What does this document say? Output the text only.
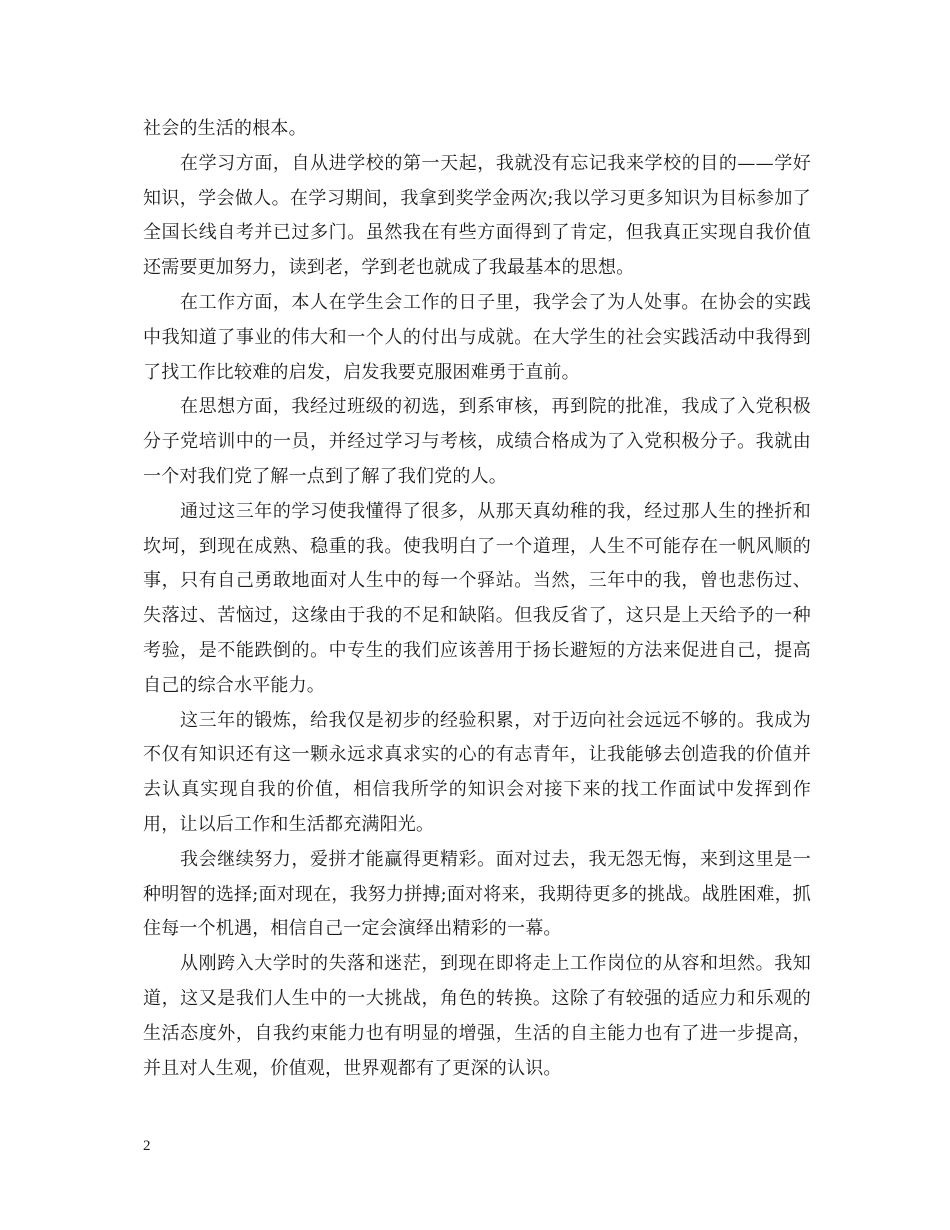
社会的生活的根本。

在学习方面，自从进学校的第一天起，我就没有忘记我来学校的目的——学好知识，学会做人。在学习期间，我拿到奖学金两次;我以学习更多知识为目标参加了全国长线自考并已过多门。虽然我在有些方面得到了肯定，但我真正实现自我价值还需要更加努力，读到老，学到老也就成了我最基本的思想。

在工作方面，本人在学生会工作的日子里，我学会了为人处事。在协会的实践中我知道了事业的伟大和一个人的付出与成就。在大学生的社会实践活动中我得到了找工作比较难的启发，启发我要克服困难勇于直前。

在思想方面，我经过班级的初选，到系审核，再到院的批准，我成了入党积极分子党培训中的一员，并经过学习与考核，成绩合格成为了入党积极分子。我就由一个对我们党了解一点到了解了我们党的人。

通过这三年的学习使我懂得了很多，从那天真幼稚的我，经过那人生的挫折和坎坷，到现在成熟、稳重的我。使我明白了一个道理，人生不可能存在一帆风顺的事，只有自己勇敢地面对人生中的每一个驿站。当然，三年中的我，曾也悲伤过、失落过、苦恼过，这缘由于我的不足和缺陷。但我反省了，这只是上天给予的一种考验，是不能跌倒的。中专生的我们应该善用于扬长避短的方法来促进自己，提高自己的综合水平能力。

这三年的锻炼，给我仅是初步的经验积累，对于迈向社会远远不够的。我成为不仅有知识还有这一颗永远求真求实的心的有志青年，让我能够去创造我的价值并去认真实现自我的价值，相信我所学的知识会对接下来的找工作面试中发挥到作用，让以后工作和生活都充满阳光。

我会继续努力，爱拼才能赢得更精彩。面对过去，我无怨无悔，来到这里是一种明智的选择;面对现在，我努力拼搏;面对将来，我期待更多的挑战。战胜困难，抓住每一个机遇，相信自己一定会演绎出精彩的一幕。

从刚跨入大学时的失落和迷茫，到现在即将走上工作岗位的从容和坦然。我知道，这又是我们人生中的一大挑战，角色的转换。这除了有较强的适应力和乐观的生活态度外，自我约束能力也有明显的增强，生活的自主能力也有了进一步提高，并且对人生观，价值观，世界观都有了更深的认识。

2
